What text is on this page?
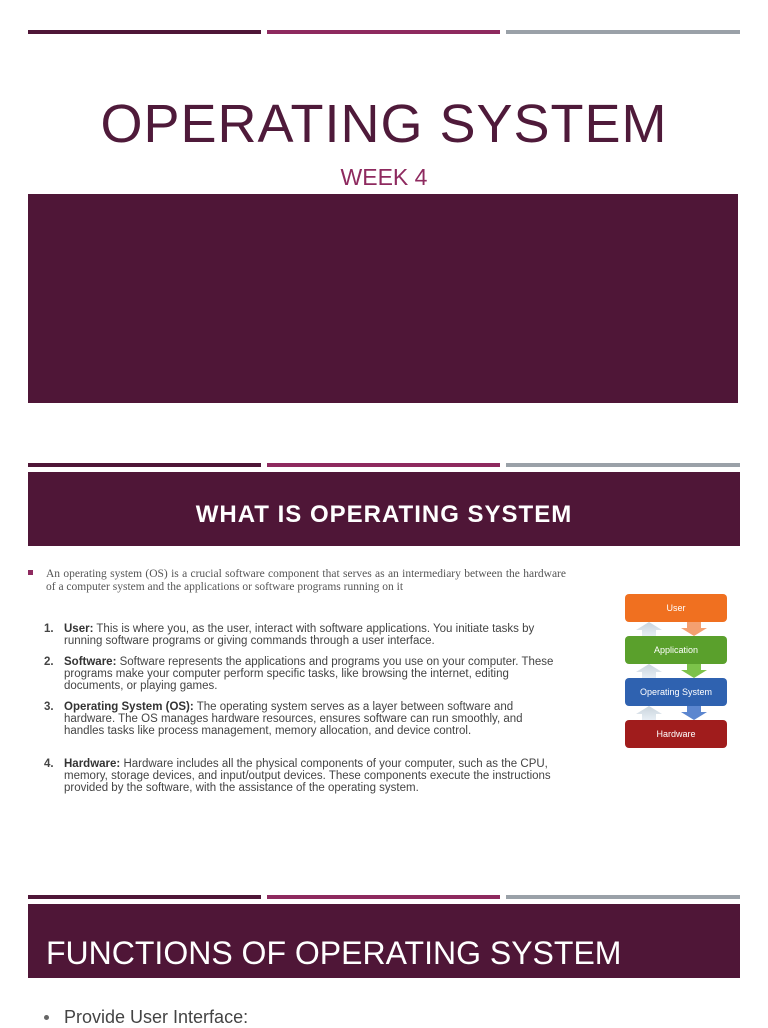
OPERATING SYSTEM
WEEK 4
WHAT IS OPERATING SYSTEM
An operating system (OS) is a crucial software component that serves as an intermediary between the hardware of a computer system and the applications or software programs running on it
1. User: This is where you, as the user, interact with software applications. You initiate tasks by running software programs or giving commands through a user interface.
2. Software: Software represents the applications and programs you use on your computer. These programs make your computer perform specific tasks, like browsing the internet, editing documents, or playing games.
3. Operating System (OS): The operating system serves as a layer between software and hardware. The OS manages hardware resources, ensures software can run smoothly, and handles tasks like process management, memory allocation, and device control.
4. Hardware: Hardware includes all the physical components of your computer, such as the CPU, memory, storage devices, and input/output devices. These components execute the instructions provided by the software, with the assistance of the operating system.
User
Application
Operating System
Hardware
FUNCTIONS OF OPERATING SYSTEM
Provide User Interface:
